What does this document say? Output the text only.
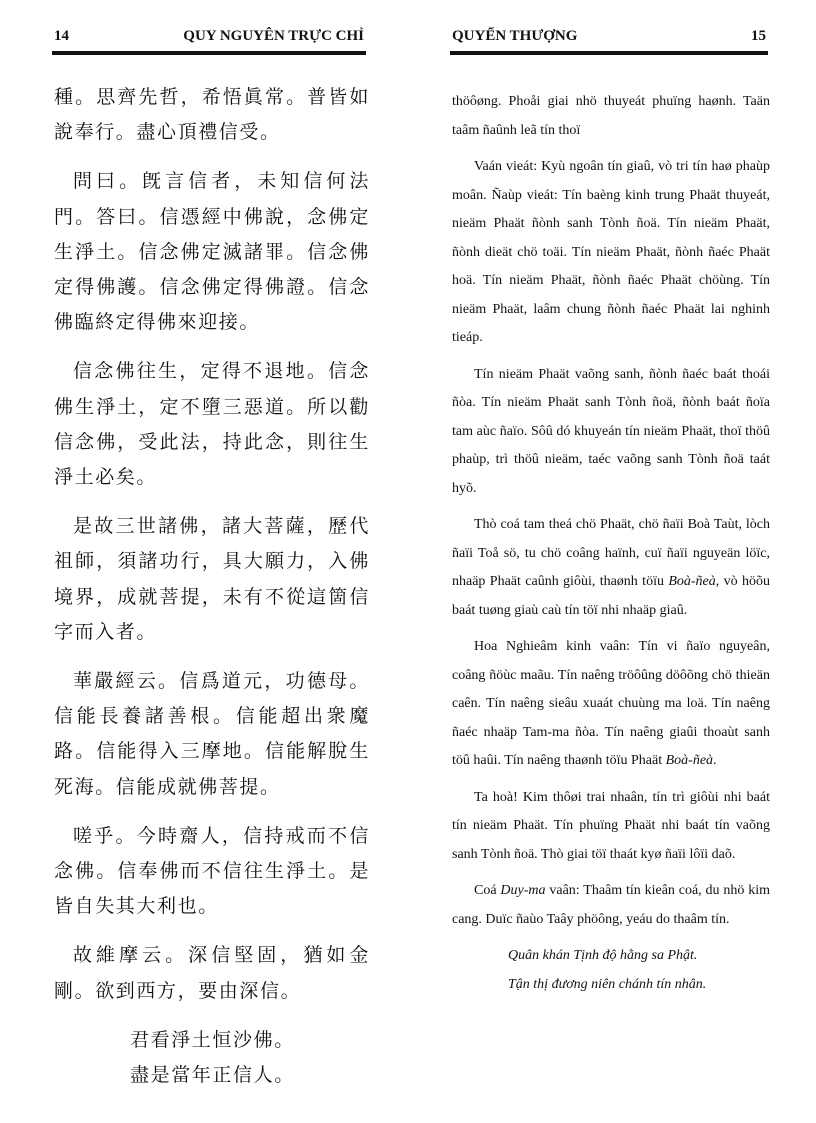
14	QUY NGUYÊN TRỰC CHỈ

種。思齊先哲，希悟眞常。普皆如說奉行。盡心頂禮信受。

問曰。旣言信者，未知信何法門。答曰。信憑經中佛說，念佛定生淨土。信念佛定滅諸罪。信念佛定得佛護。信念佛定得佛證。信念佛臨終定得佛來迎接。

信念佛往生，定得不退地。信念佛生淨土，定不墮三惡道。所以勸信念佛，受此法，持此念，則往生淨土必矣。

是故三世諸佛，諸大菩薩，歷代祖師，須諸功行，具大願力，入佛境界，成就菩提，未有不從這箇信字而入者。

華嚴經云。信爲道元，功德母。信能長養諸善根。信能超出衆魔路。信能得入三摩地。信能解脫生死海。信能成就佛菩提。

嗟乎。今時齋人，信持戒而不信念佛。信奉佛而不信往生淨土。是皆自失其大利也。

故維摩云。深信堅固，猶如金剛。欲到西方，要由深信。

君看淨土恒沙佛。

盡是當年正信人。

QUYỂN THƯỢNG	15

thöôøng. Phoåi giai nhö thuyeát phuïng haønh. Taän taâm ñaûnh leã tín thoï

Vaán vieát: Kyù ngoân tín giaû, vò tri tín haø phaùp moân. Ñaùp vieát: Tín baèng kinh trung Phaät thuyeát, nieäm Phaät ñònh sanh Tònh ñoä. Tín nieäm Phaät, ñònh dieät chö toäi. Tín nieäm Phaät, ñònh ñaéc Phaät hoä. Tín nieäm Phaät, ñònh ñaéc Phaät chöùng. Tín nieäm Phaät, laâm chung ñònh ñaéc Phaät lai nghinh tieáp.

Tín nieäm Phaät vaõng sanh, ñònh ñaéc baát thoái ñòa. Tín nieäm Phaät sanh Tònh ñoä, ñònh baát ñoïa tam aùc ñaïo. Sôû dó khuyeán tín nieäm Phaät, thoï thöû phaùp, trì thöû nieäm, taéc vaõng sanh Tònh ñoä taát hyõ.

Thò coá tam theá chö Phaät, chö ñaïi Boà Taùt, lòch ñaïi Toå sö, tu chö coâng haïnh, cuï ñaïi nguyeän löïc, nhaäp Phaät caûnh giôùi, thaønh töïu Boà-ñeà, vò höõu baát tuøng giaù caù tín töï nhi nhaäp giaû.

Hoa Nghieâm kinh vaân: Tín vi ñaïo nguyeân, coâng ñöùc maãu. Tín naêng tröôûng döôõng chö thieän caên. Tín naêng sieâu xuaát chuùng ma loä. Tín naêng ñaéc nhaäp Tam-ma ñòa. Tín naêng giaûi thoaùt sanh töû haûi. Tín naêng thaønh töïu Phaät Boà-ñeà.

Ta hoà! Kim thôøi trai nhaân, tín trì giôùi nhi baát tín nieäm Phaät. Tín phuïng Phaät nhi baát tín vaõng sanh Tònh ñoä. Thò giai töï thaát kyø ñaïi lôïi daõ.

Coá Duy-ma vaân: Thaâm tín kieân coá, du nhö kim cang. Duïc ñaùo Taây phöông, yeáu do thaâm tín.

Quân khán Tịnh độ hằng sa Phật.

Tận thị đương niên chánh tín nhân.
